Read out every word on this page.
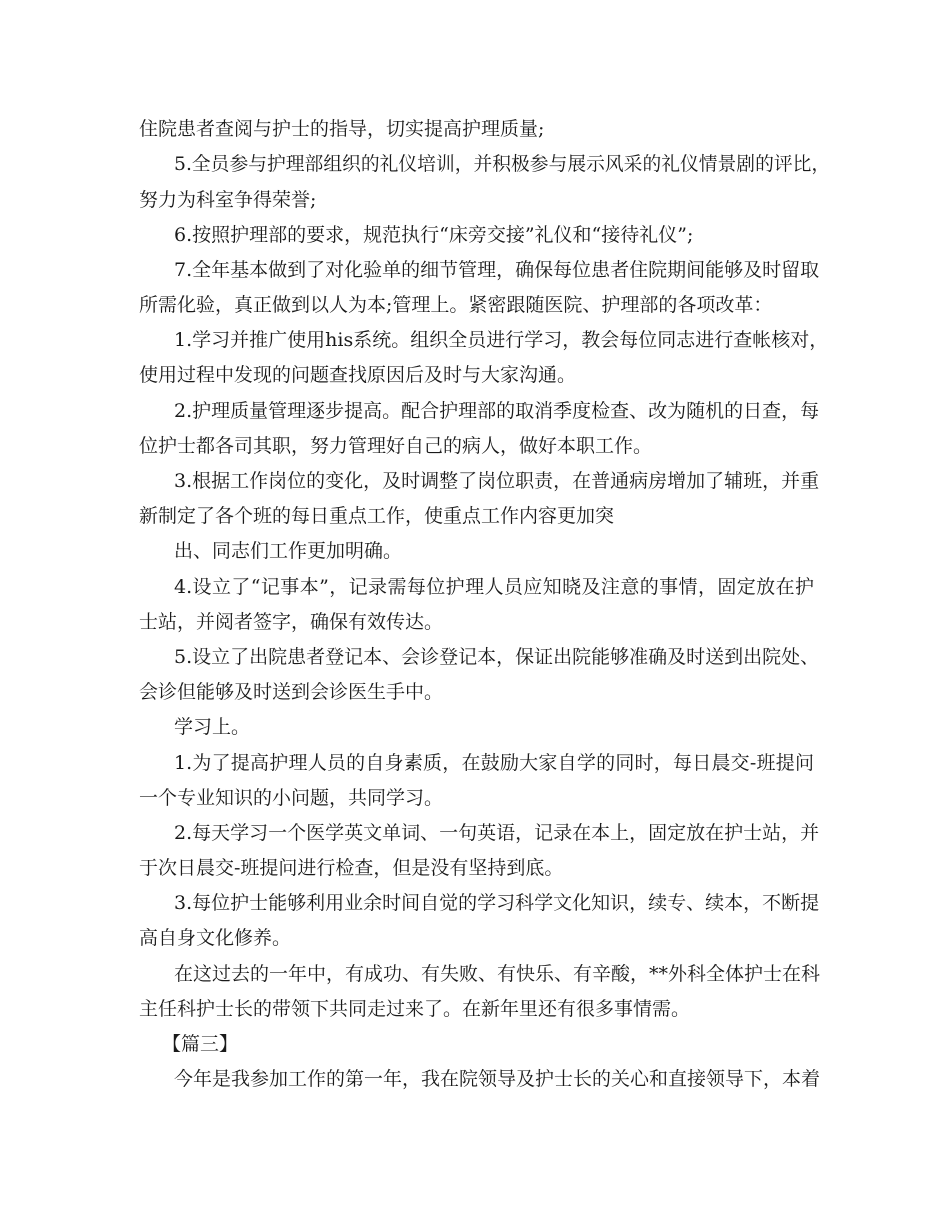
住院患者查阅与护士的指导，切实提高护理质量;
5.全员参与护理部组织的礼仪培训，并积极参与展示风采的礼仪情景剧的评比，
努力为科室争得荣誉;
6.按照护理部的要求，规范执行“床旁交接”礼仪和“接待礼仪”;
7.全年基本做到了对化验单的细节管理，确保每位患者住院期间能够及时留取
所需化验，真正做到以人为本;管理上。紧密跟随医院、护理部的各项改革：
1.学习并推广使用his系统。组织全员进行学习，教会每位同志进行查帐核对，
使用过程中发现的问题查找原因后及时与大家沟通。
2.护理质量管理逐步提高。配合护理部的取消季度检查、改为随机的日查，每
位护士都各司其职，努力管理好自己的病人，做好本职工作。
3.根据工作岗位的变化，及时调整了岗位职责，在普通病房增加了辅班，并重
新制定了各个班的每日重点工作，使重点工作内容更加突
出、同志们工作更加明确。
4.设立了“记事本”，记录需每位护理人员应知晓及注意的事情，固定放在护
士站，并阅者签字，确保有效传达。
5.设立了出院患者登记本、会诊登记本，保证出院能够准确及时送到出院处、
会诊但能够及时送到会诊医生手中。
学习上。
1.为了提高护理人员的自身素质，在鼓励大家自学的同时，每日晨交-班提问
一个专业知识的小问题，共同学习。
2.每天学习一个医学英文单词、一句英语，记录在本上，固定放在护士站，并
于次日晨交-班提问进行检查，但是没有坚持到底。
3.每位护士能够利用业余时间自觉的学习科学文化知识，续专、续本，不断提
高自身文化修养。
在这过去的一年中，有成功、有失败、有快乐、有辛酸，**外科全体护士在科
主任科护士长的带领下共同走过来了。在新年里还有很多事情需。
【篇三】
今年是我参加工作的第一年，我在院领导及护士长的关心和直接领导下，本着
